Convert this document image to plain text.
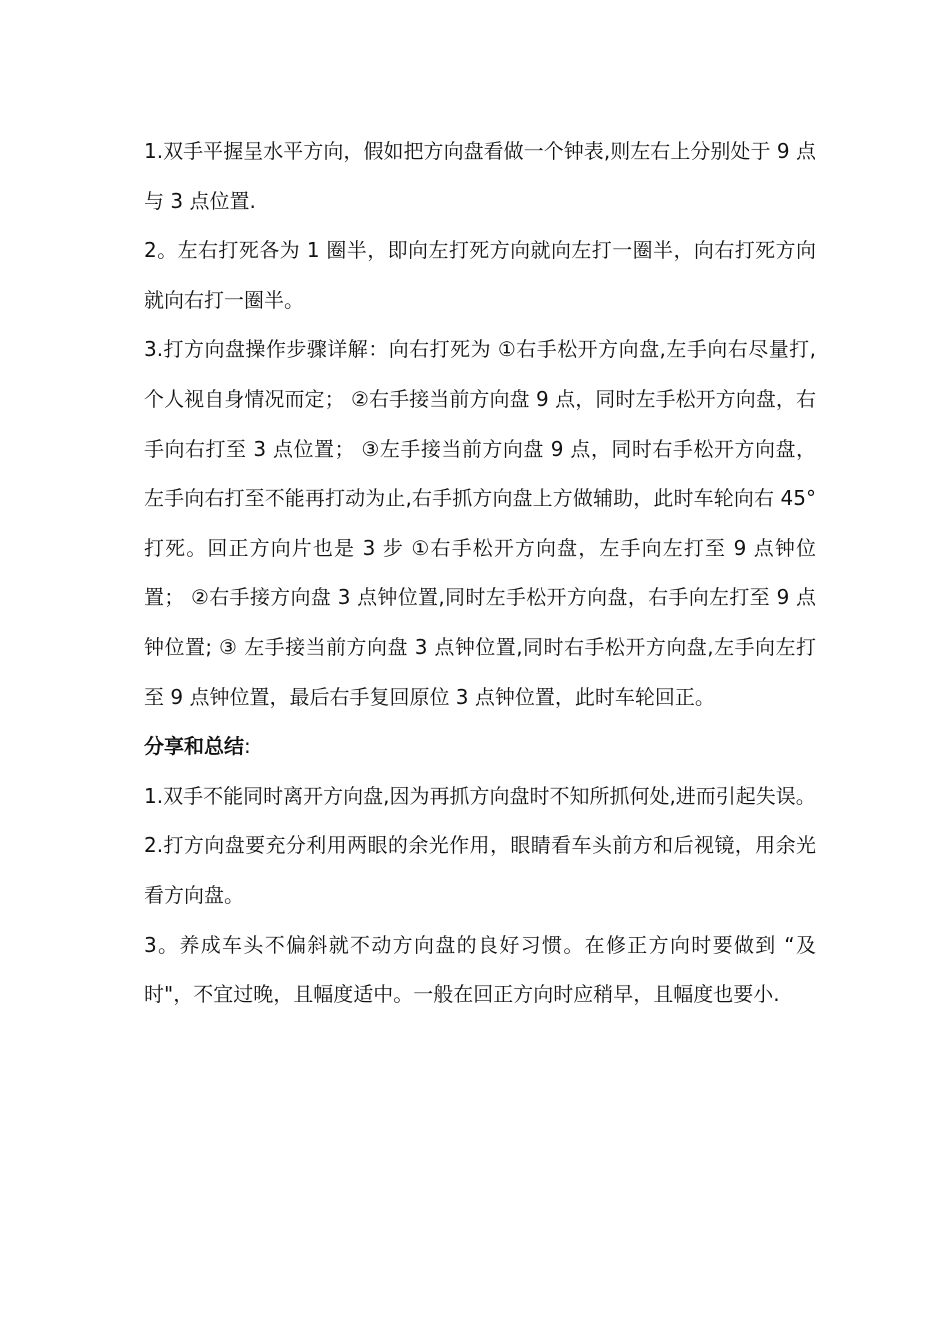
1.双手平握呈水平方向，假如把方向盘看做一个钟表,则左右上分别处于 9 点与 3 点位置.

2。左右打死各为 1 圈半，即向左打死方向就向左打一圈半，向右打死方向就向右打一圈半。

3.打方向盘操作步骤详解：向右打死为 ①右手松开方向盘,左手向右尽量打,个人视自身情况而定； ②右手接当前方向盘 9 点，同时左手松开方向盘，右手向右打至 3 点位置； ③左手接当前方向盘 9 点，同时右手松开方向盘，左手向右打至不能再打动为止,右手抓方向盘上方做辅助，此时车轮向右 45°打死。回正方向片也是 3 步 ①右手松开方向盘，左手向左打至 9 点钟位置； ②右手接方向盘 3 点钟位置,同时左手松开方向盘，右手向左打至 9 点钟位置; ③ 左手接当前方向盘 3 点钟位置,同时右手松开方向盘,左手向左打至 9 点钟位置，最后右手复回原位 3 点钟位置，此时车轮回正。

分享和总结:

1.双手不能同时离开方向盘,因为再抓方向盘时不知所抓何处,进而引起失误。

2.打方向盘要充分利用两眼的余光作用，眼睛看车头前方和后视镜，用余光看方向盘。

3。养成车头不偏斜就不动方向盘的良好习惯。在修正方向时要做到 “及时"，不宜过晚，且幅度适中。一般在回正方向时应稍早，且幅度也要小.
